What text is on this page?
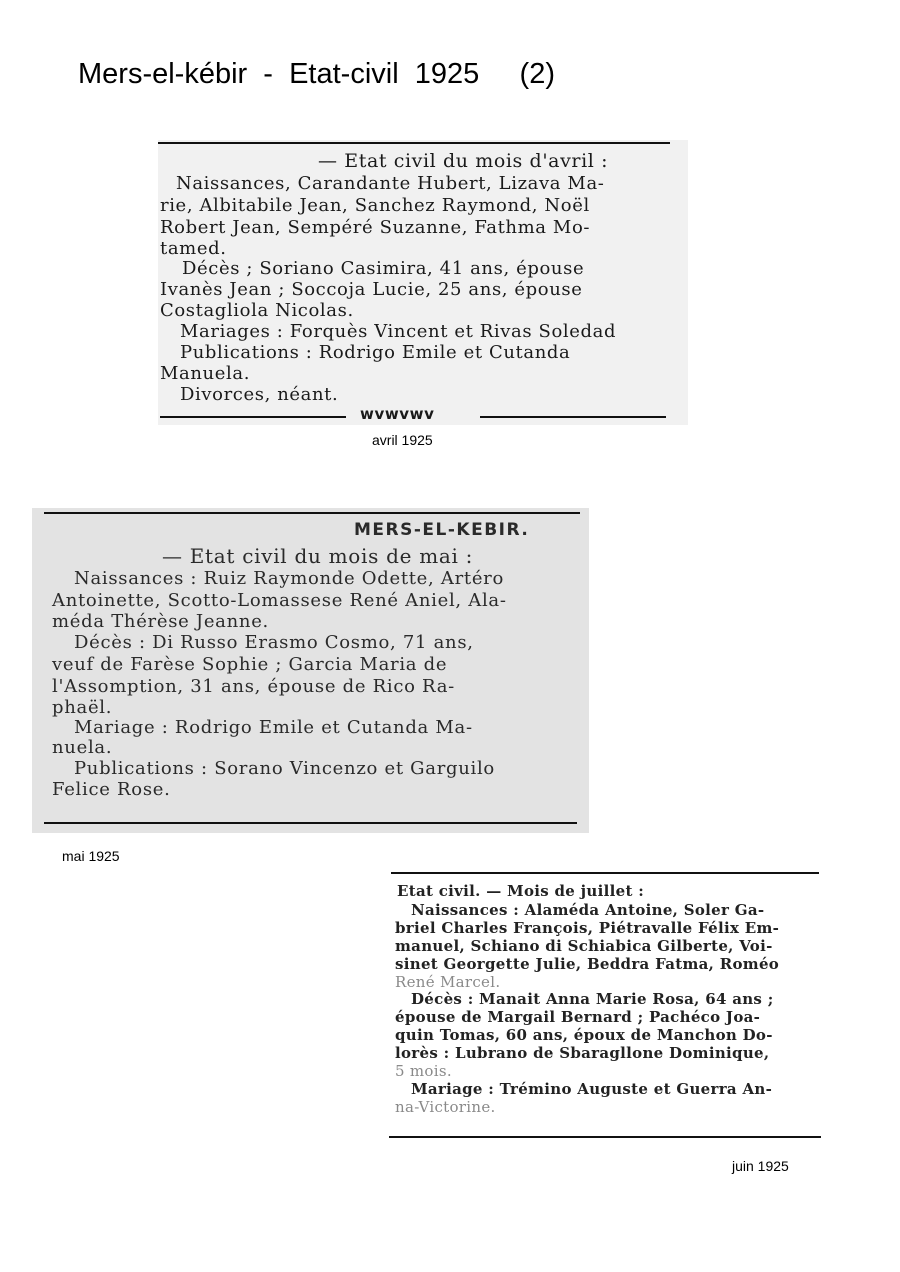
Mers-el-kébir  -  Etat-civil  1925     (2)
— Etat civil du mois d'avril :
Naissances, Carandante Hubert, Lizava Ma-
rie, Albitabile Jean, Sanchez Raymond, Noël
Robert Jean, Sempéré Suzanne, Fathma Mo-
tamed.
Décès ; Soriano Casimira, 41 ans, épouse
Ivanès Jean ; Soccoja Lucie, 25 ans, épouse
Costagliola Nicolas.
Mariages : Forquès Vincent et Rivas Soledad
Publications : Rodrigo Emile et Cutanda
Manuela.
Divorces, néant.
wvwvwv
avril 1925
MERS-EL-KEBIR.
— Etat civil du mois de mai :
Naissances : Ruiz Raymonde Odette, Artéro
Antoinette, Scotto-Lomassese René Aniel, Ala-
méda Thérèse Jeanne.
Décès : Di Russo Erasmo Cosmo, 71 ans,
veuf de Farèse Sophie ; Garcia Maria de
l'Assomption, 31 ans, épouse de Rico Ra-
phaël.
Mariage : Rodrigo Emile et Cutanda Ma-
nuela.
Publications : Sorano Vincenzo et Garguilo
Felice Rose.
mai 1925
Etat civil. — Mois de juillet :
Naissances : Alaméda Antoine, Soler Ga-
briel Charles François, Piétravalle Félix Em-
manuel, Schiano di Schiabica Gilberte, Voi-
sinet Georgette Julie, Beddra Fatma, Roméo
René Marcel.
Décès : Manait Anna Marie Rosa, 64 ans ;
épouse de Margail Bernard ; Pachéco Joa-
quin Tomas, 60 ans, époux de Manchon Do-
lorès : Lubrano de Sbaragllone Dominique,
5 mois.
Mariage : Trémino Auguste et Guerra An-
na-Victorine.
juin 1925
